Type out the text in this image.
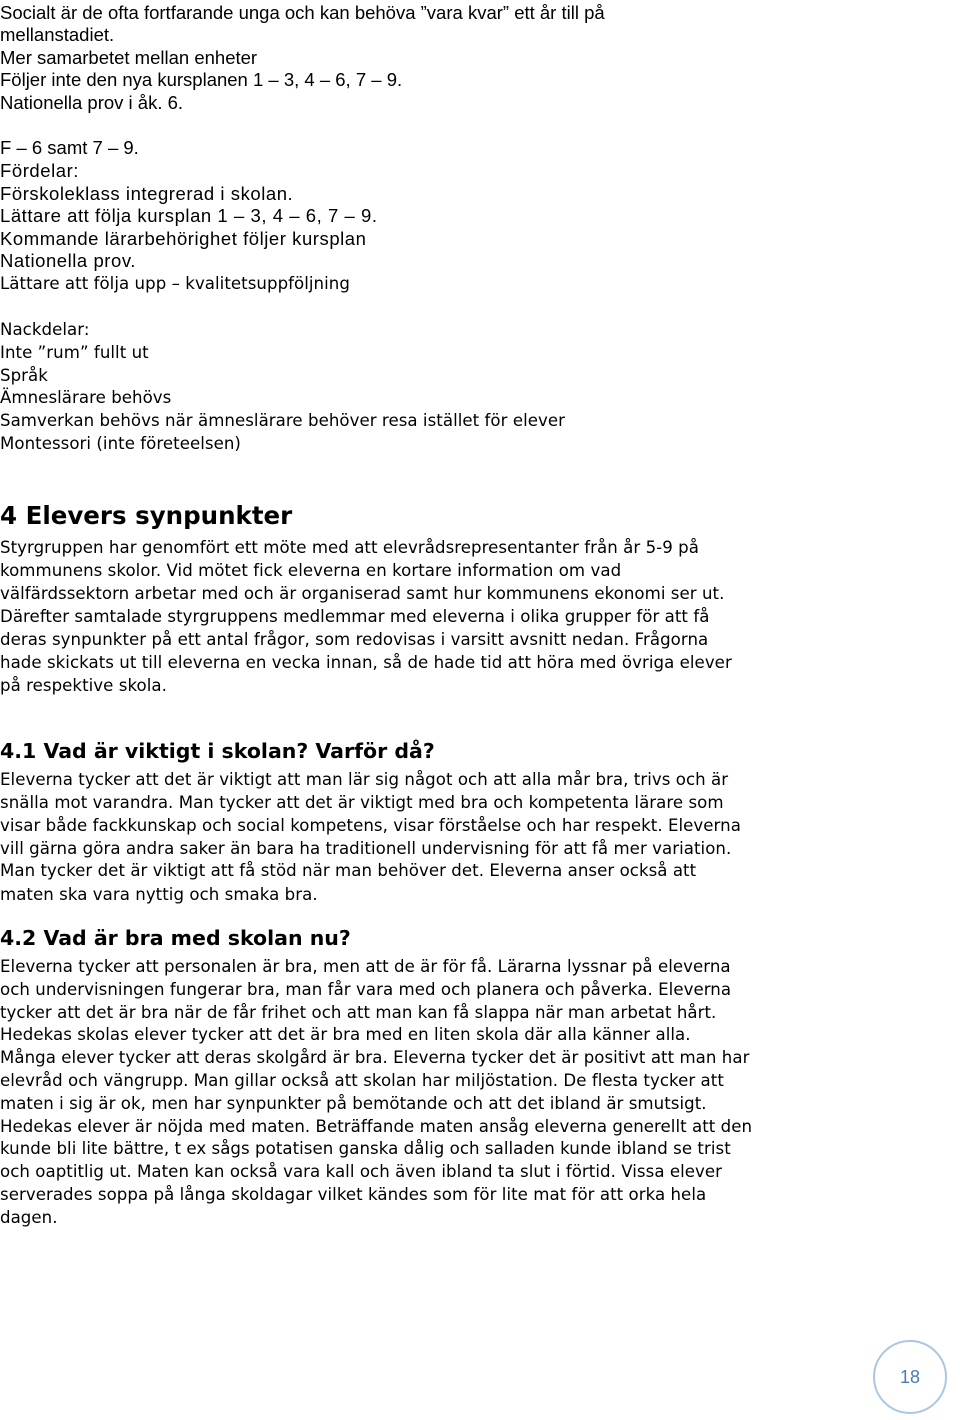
Socialt är de ofta fortfarande unga och kan behöva ”vara kvar” ett år till på
mellanstadiet.
Mer samarbetet mellan enheter
Följer inte den nya kursplanen 1 – 3, 4 – 6, 7 – 9.
Nationella prov i åk. 6.
F – 6 samt 7 – 9.
Fördelar:
Förskoleklass integrerad i skolan.
Lättare att följa kursplan 1 – 3, 4 – 6, 7 – 9.
Kommande lärarbehörighet följer kursplan
Nationella prov.
Lättare att följa upp – kvalitetsuppföljning
Nackdelar:
Inte ”rum” fullt ut
Språk
Ämneslärare behövs
Samverkan behövs när ämneslärare behöver resa istället för elever
Montessori (inte företeelsen)
4 Elevers synpunkter
Styrgruppen har genomfört ett möte med att elevrådsrepresentanter från år 5-9 på
kommunens skolor. Vid mötet fick eleverna en kortare information om vad
välfärdssektorn arbetar med och är organiserad samt hur kommunens ekonomi ser ut.
Därefter samtalade styrgruppens medlemmar med eleverna i olika grupper för att få
deras synpunkter på ett antal frågor, som redovisas i varsitt avsnitt nedan. Frågorna
hade skickats ut till eleverna en vecka innan, så de hade tid att höra med övriga elever
på respektive skola.
4.1 Vad är viktigt i skolan? Varför då?
Eleverna tycker att det är viktigt att man lär sig något och att alla mår bra, trivs och är
snälla mot varandra. Man tycker att det är viktigt med bra och kompetenta lärare som
visar både fackkunskap och social kompetens, visar förståelse och har respekt. Eleverna
vill gärna göra andra saker än bara ha traditionell undervisning för att få mer variation.
Man tycker det är viktigt att få stöd när man behöver det. Eleverna anser också att
maten ska vara nyttig och smaka bra.
4.2 Vad är bra med skolan nu?
Eleverna tycker att personalen är bra, men att de är för få. Lärarna lyssnar på eleverna
och undervisningen fungerar bra, man får vara med och planera och påverka. Eleverna
tycker att det är bra när de får frihet och att man kan få slappa när man arbetat hårt.
Hedekas skolas elever tycker att det är bra med en liten skola där alla känner alla.
Många elever tycker att deras skolgård är bra. Eleverna tycker det är positivt att man har
elevråd och vängrupp. Man gillar också att skolan har miljöstation. De flesta tycker att
maten i sig är ok, men har synpunkter på bemötande och att det ibland är smutsigt.
Hedekas elever är nöjda med maten. Beträffande maten ansåg eleverna generellt att den
kunde bli lite bättre, t ex sågs potatisen ganska dålig och salladen kunde ibland se trist
och oaptitlig ut. Maten kan också vara kall och även ibland ta slut i förtid. Vissa elever
serverades soppa på långa skoldagar vilket kändes som för lite mat för att orka hela
dagen.
18
